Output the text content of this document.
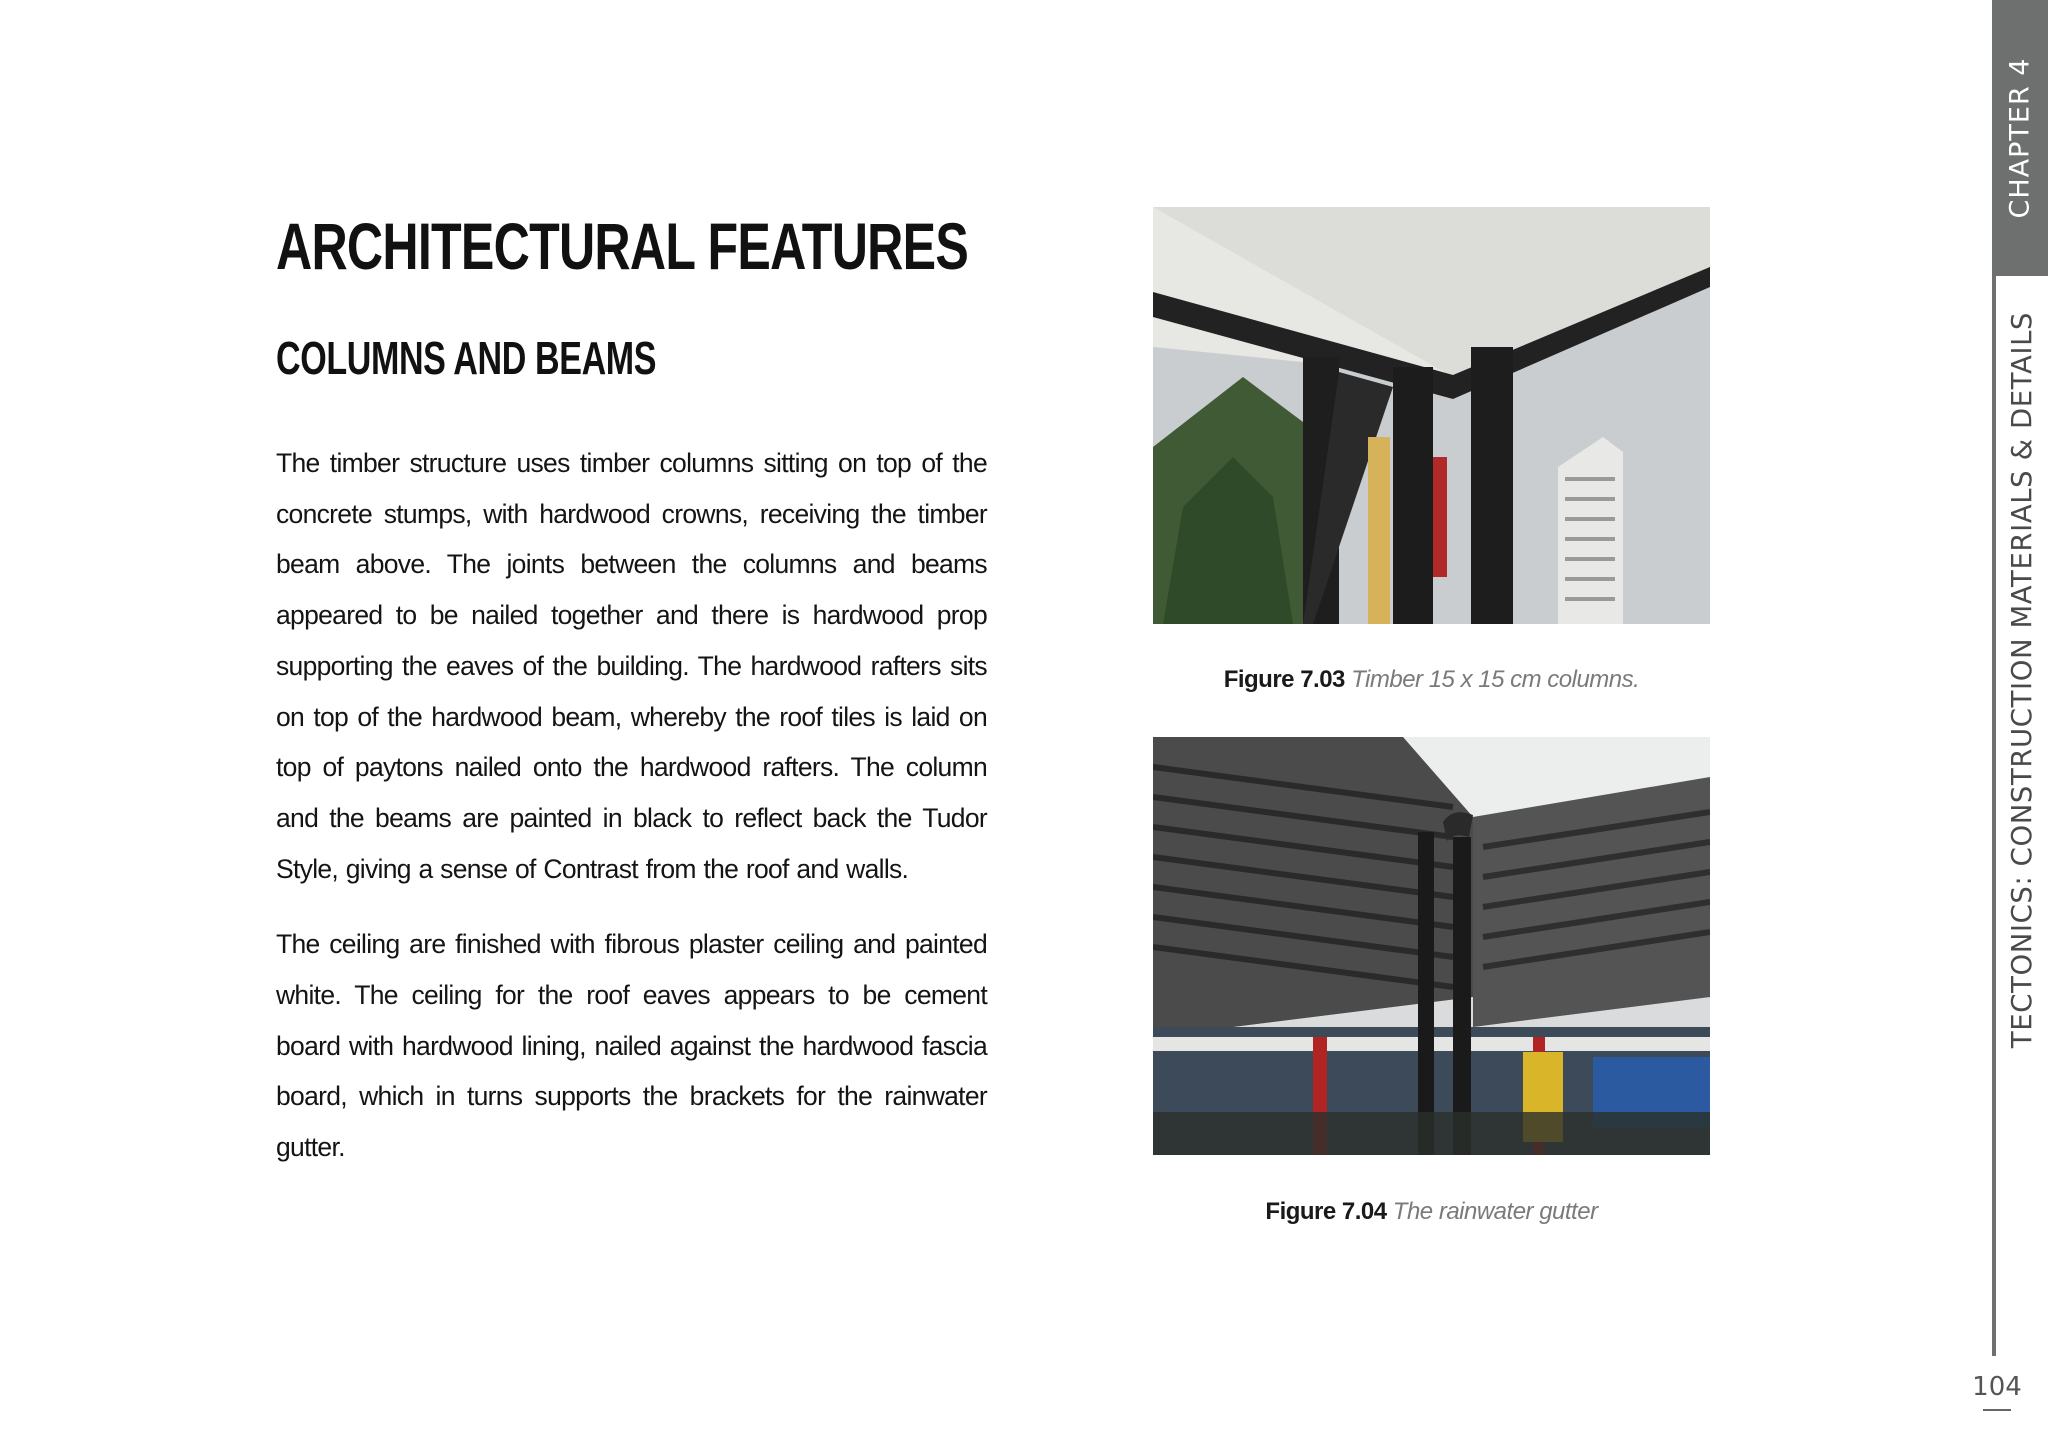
ARCHITECTURAL FEATURES
COLUMNS AND BEAMS

The timber structure uses timber columns sitting on top of the concrete stumps, with hardwood crowns, receiving the timber beam above. The joints between the columns and beams appeared to be nailed together and there is hardwood prop supporting the eaves of the building. The hardwood rafters sits on top of the hardwood beam, whereby the roof tiles is laid on top of paytons nailed onto the hardwood rafters. The column and the beams are painted in black to reflect back the Tudor Style, giving a sense of Contrast from the roof and walls.

The ceiling are finished with fibrous plaster ceiling and painted white. The ceiling for the roof eaves appears to be cement board with hardwood lining, nailed against the hardwood fascia board, which in turns supports the brackets for the rainwater gutter.

Figure 7.03 Timber 15 x 15 cm columns.
Figure 7.04 The rainwater gutter
CHAPTER 4
TECTONICS: CONSTRUCTION MATERIALS & DETAILS
104
